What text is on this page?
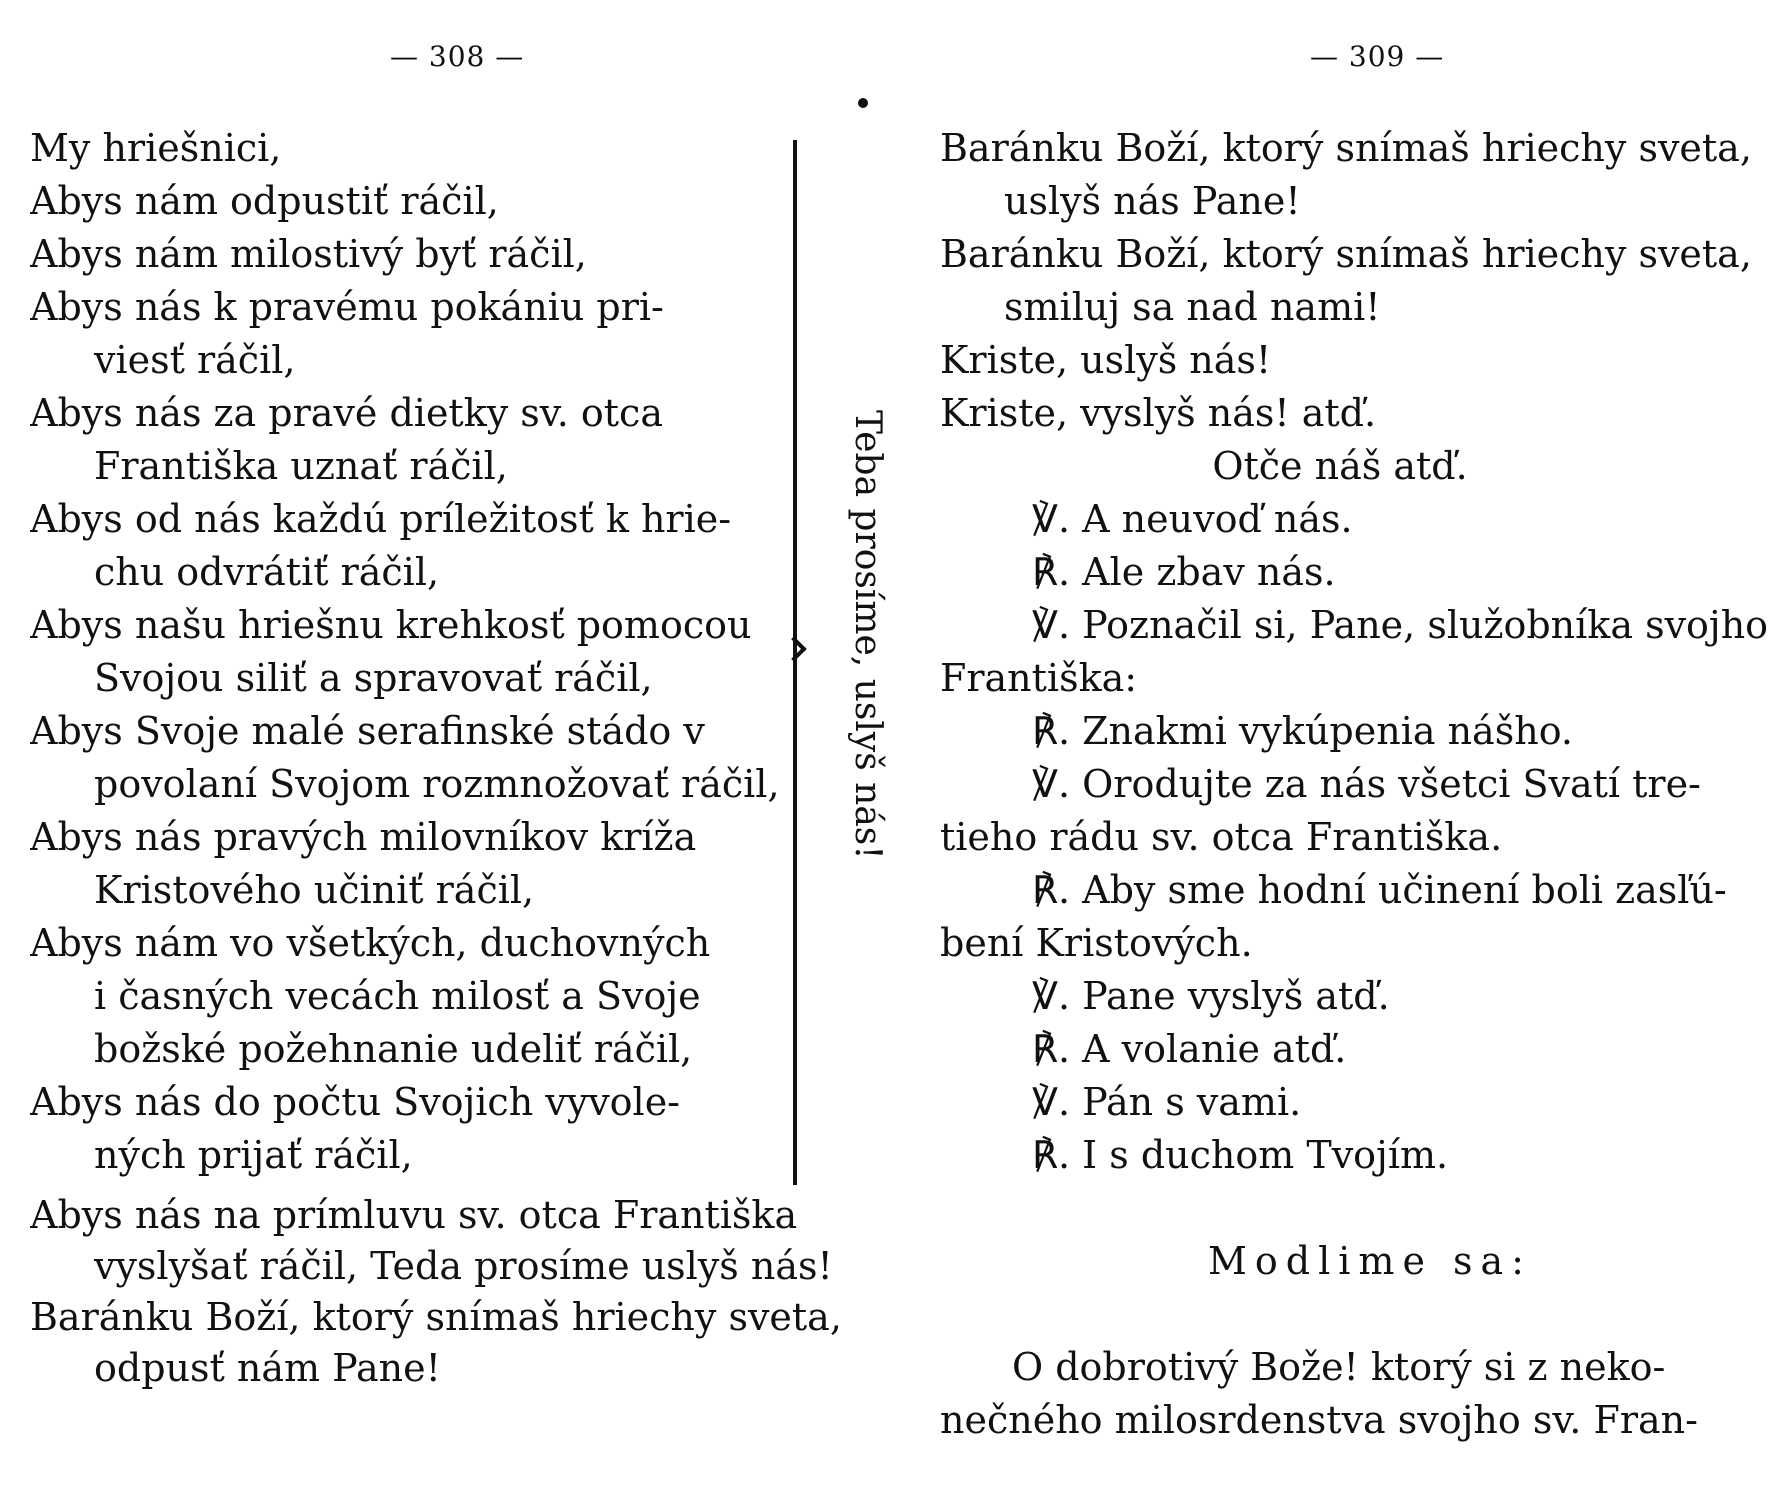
— 308 —
My hriešnici,
Abys nám odpustiť ráčil,
Abys nám milostivý byť ráčil,
Abys nás k pravému pokániu pri-
viesť ráčil,
Abys nás za pravé dietky sv. otca
Františka uznať ráčil,
Abys od nás každú príležitosť k hrie-
chu odvrátiť ráčil,
Abys našu hriešnu krehkosť pomocou
Svojou siliť a spravovať ráčil,
Abys Svoje malé serafinské stádo v
povolaní Svojom rozmnožovať ráčil,
Abys nás pravých milovníkov kríža
Kristového učiniť ráčil,
Abys nám vo všetkých, duchovných
i časných vecách milosť a Svoje
božské požehnanie udeliť ráčil,
Abys nás do počtu Svojich vyvole-
ných prijať ráčil,
Teba prosíme, uslyš nás!
Abys nás na prímluvu sv. otca Františka
vyslyšať ráčil, Teda prosíme uslyš nás!
Baránku Boží, ktorý snímaš hriechy sveta,
odpusť nám Pane!
— 309 —
Baránku Boží, ktorý snímaš hriechy sveta,
uslyš nás Pane!
Baránku Boží, ktorý snímaš hriechy sveta,
smiluj sa nad nami!
Kriste, uslyš nás!
Kriste, vyslyš nás! atď.
Otče náš atď.
℣. A neuvoď nás.
℟. Ale zbav nás.
℣. Poznačil si, Pane, služobníka svojho
Františka:
℟. Znakmi vykúpenia nášho.
℣. Orodujte za nás všetci Svatí tre-
tieho rádu sv. otca Františka.
℟. Aby sme hodní učinení boli zasľú-
bení Kristových.
℣. Pane vyslyš atď.
℟. A volanie atď.
℣. Pán s vami.
℟. I s duchom Tvojím.
Modlime sa:
O dobrotivý Bože! ktorý si z neko-
nečného milosrdenstva svojho sv. Fran-
